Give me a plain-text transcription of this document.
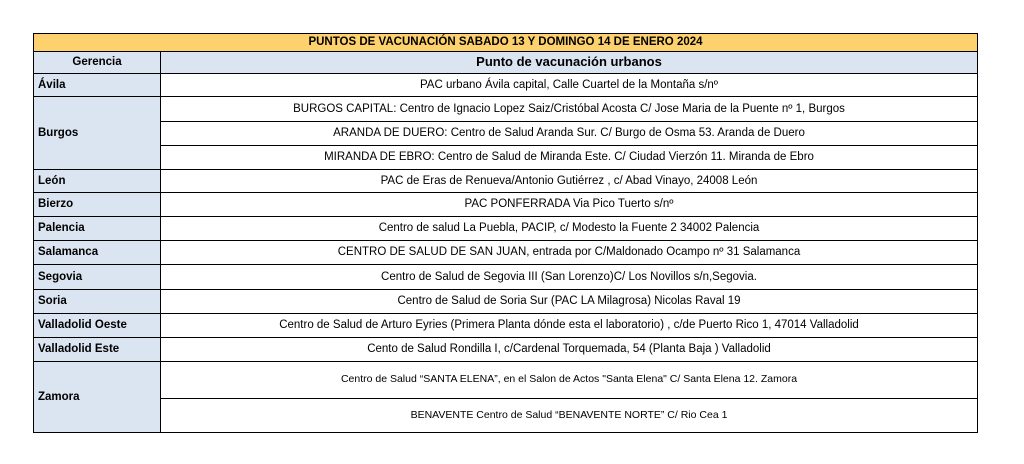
PUNTOS DE VACUNACIÓN SABADO 13 Y DOMINGO 14 DE ENERO 2024	
Gerencia	Punto de vacunación urbanos
Ávila	PAC urbano Ávila capital, Calle Cuartel de la Montaña s/nº
Burgos	BURGOS CAPITAL: Centro de Ignacio Lopez Saiz/Cristóbal Acosta C/ Jose Maria de la Puente nº 1, Burgos
	ARANDA DE DUERO: Centro de Salud Aranda Sur. C/ Burgo de Osma 53. Aranda de Duero
	MIRANDA DE EBRO: Centro de Salud de Miranda Este. C/ Ciudad Vierzón 11. Miranda de Ebro
León	PAC de Eras de Renueva/Antonio Gutiérrez , c/ Abad Vinayo, 24008 León
Bierzo	PAC PONFERRADA Via Pico Tuerto s/nº
Palencia	Centro de salud La Puebla, PACIP, c/ Modesto la Fuente 2 34002 Palencia
Salamanca	CENTRO DE SALUD DE SAN JUAN, entrada por C/Maldonado Ocampo nº 31 Salamanca
Segovia	Centro de Salud de Segovia III (San Lorenzo)C/ Los Novillos s/n,Segovia.
Soria	Centro de Salud de Soria Sur (PAC LA Milagrosa) Nicolas Raval 19
Valladolid Oeste	Centro de Salud de Arturo Eyries (Primera Planta dónde esta el laboratorio) , c/de Puerto Rico 1, 47014 Valladolid
Valladolid Este	Cento de Salud Rondilla I, c/Cardenal Torquemada, 54 (Planta Baja ) Valladolid
Zamora	Centro de Salud “SANTA ELENA”, en el Salon de Actos "Santa Elena" C/ Santa Elena 12. Zamora
	BENAVENTE Centro de Salud “BENAVENTE NORTE” C/ Rio Cea 1
